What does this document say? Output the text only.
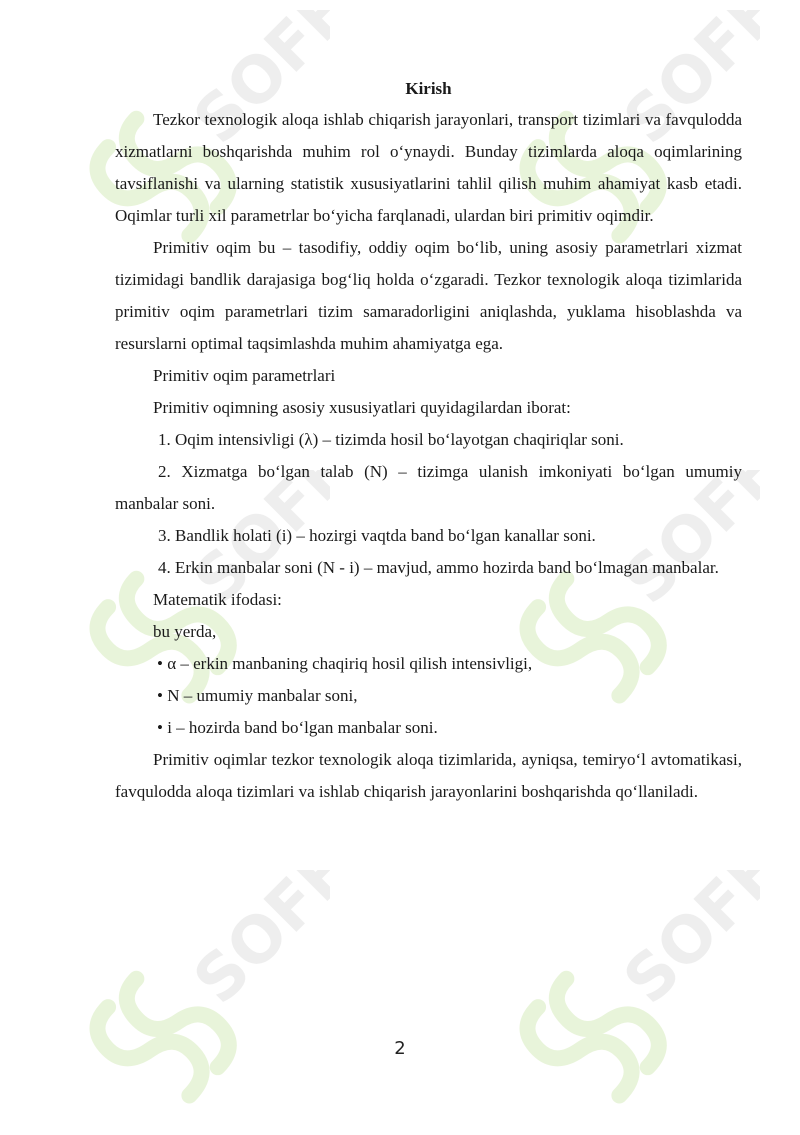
Kirish

Tezkor texnologik aloqa ishlab chiqarish jarayonlari, transport tizimlari va favqulodda xizmatlarni boshqarishda muhim rol o‘ynaydi. Bunday tizimlarda aloqa oqimlarining tavsiflanishi va ularning statistik xususiyatlarini tahlil qilish muhim ahamiyat kasb etadi. Oqimlar turli xil parametrlar bo‘yicha farqlanadi, ulardan biri primitiv oqimdir.

Primitiv oqim bu – tasodifiy, oddiy oqim bo‘lib, uning asosiy parametrlari xizmat tizimidagi bandlik darajasiga bog‘liq holda o‘zgaradi. Tezkor texnologik aloqa tizimlarida primitiv oqim parametrlari tizim samaradorligini aniqlashda, yuklama hisoblashda va resurslarni optimal taqsimlashda muhim ahamiyatga ega.

Primitiv oqim parametrlari

Primitiv oqimning asosiy xususiyatlari quyidagilardan iborat:

1. Oqim intensivligi (λ) – tizimda hosil bo‘layotgan chaqiriqlar soni.

2. Xizmatga bo‘lgan talab (N) – tizimga ulanish imkoniyati bo‘lgan umumiy manbalar soni.

3. Bandlik holati (i) – hozirgi vaqtda band bo‘lgan kanallar soni.

4. Erkin manbalar soni (N - i) – mavjud, ammo hozirda band bo‘lmagan manbalar.

Matematik ifodasi:

bu yerda,

• α – erkin manbaning chaqiriq hosil qilish intensivligi,

• N – umumiy manbalar soni,

• i – hozirda band bo‘lgan manbalar soni.

Primitiv oqimlar tezkor texnologik aloqa tizimlarida, ayniqsa, temiryo‘l avtomatikasi, favqulodda aloqa tizimlari va ishlab chiqarish jarayonlarini boshqarishda qo‘llaniladi.

2
